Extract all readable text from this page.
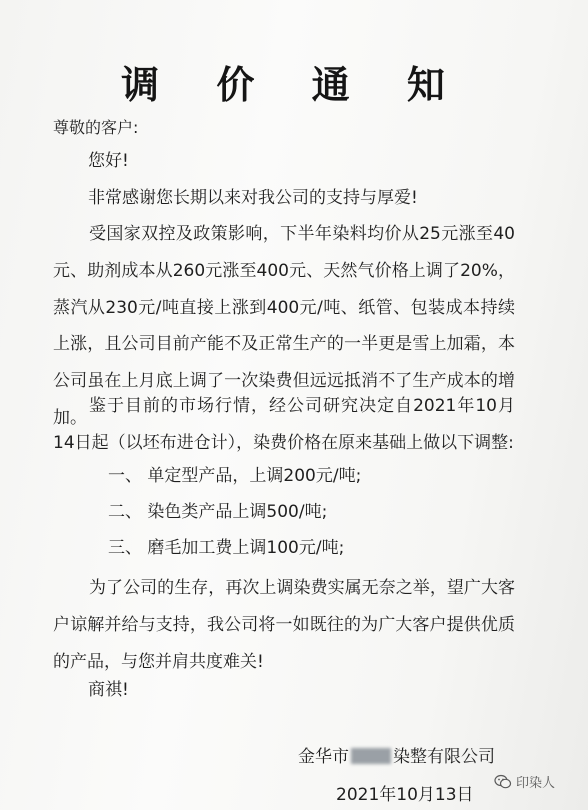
调 价 通 知
尊敬的客户:
您好!
非常感谢您长期以来对我公司的支持与厚爱!
受国家双控及政策影响，下半年染料均价从25元涨至40元、助剂成本从260元涨至400元、天然气价格上调了20%，蒸汽从230元/吨直接上涨到400元/吨、纸管、包装成本持续上涨，且公司目前产能不及正常生产的一半更是雪上加霜，本公司虽在上月底上调了一次染费但远远抵消不了生产成本的增加。
鉴于目前的市场行情，经公司研究决定自2021年10月14日起（以坯布进仓计），染费价格在原来基础上做以下调整:
一、 单定型产品，上调200元/吨;
二、 染色类产品上调500/吨;
三、 磨毛加工费上调100元/吨;
为了公司的生存，再次上调染费实属无奈之举，望广大客户谅解并给与支持，我公司将一如既往的为广大客户提供优质的产品，与您并肩共度难关!
商祺!
金华市	染整有限公司
2021年10月13日
印染人
